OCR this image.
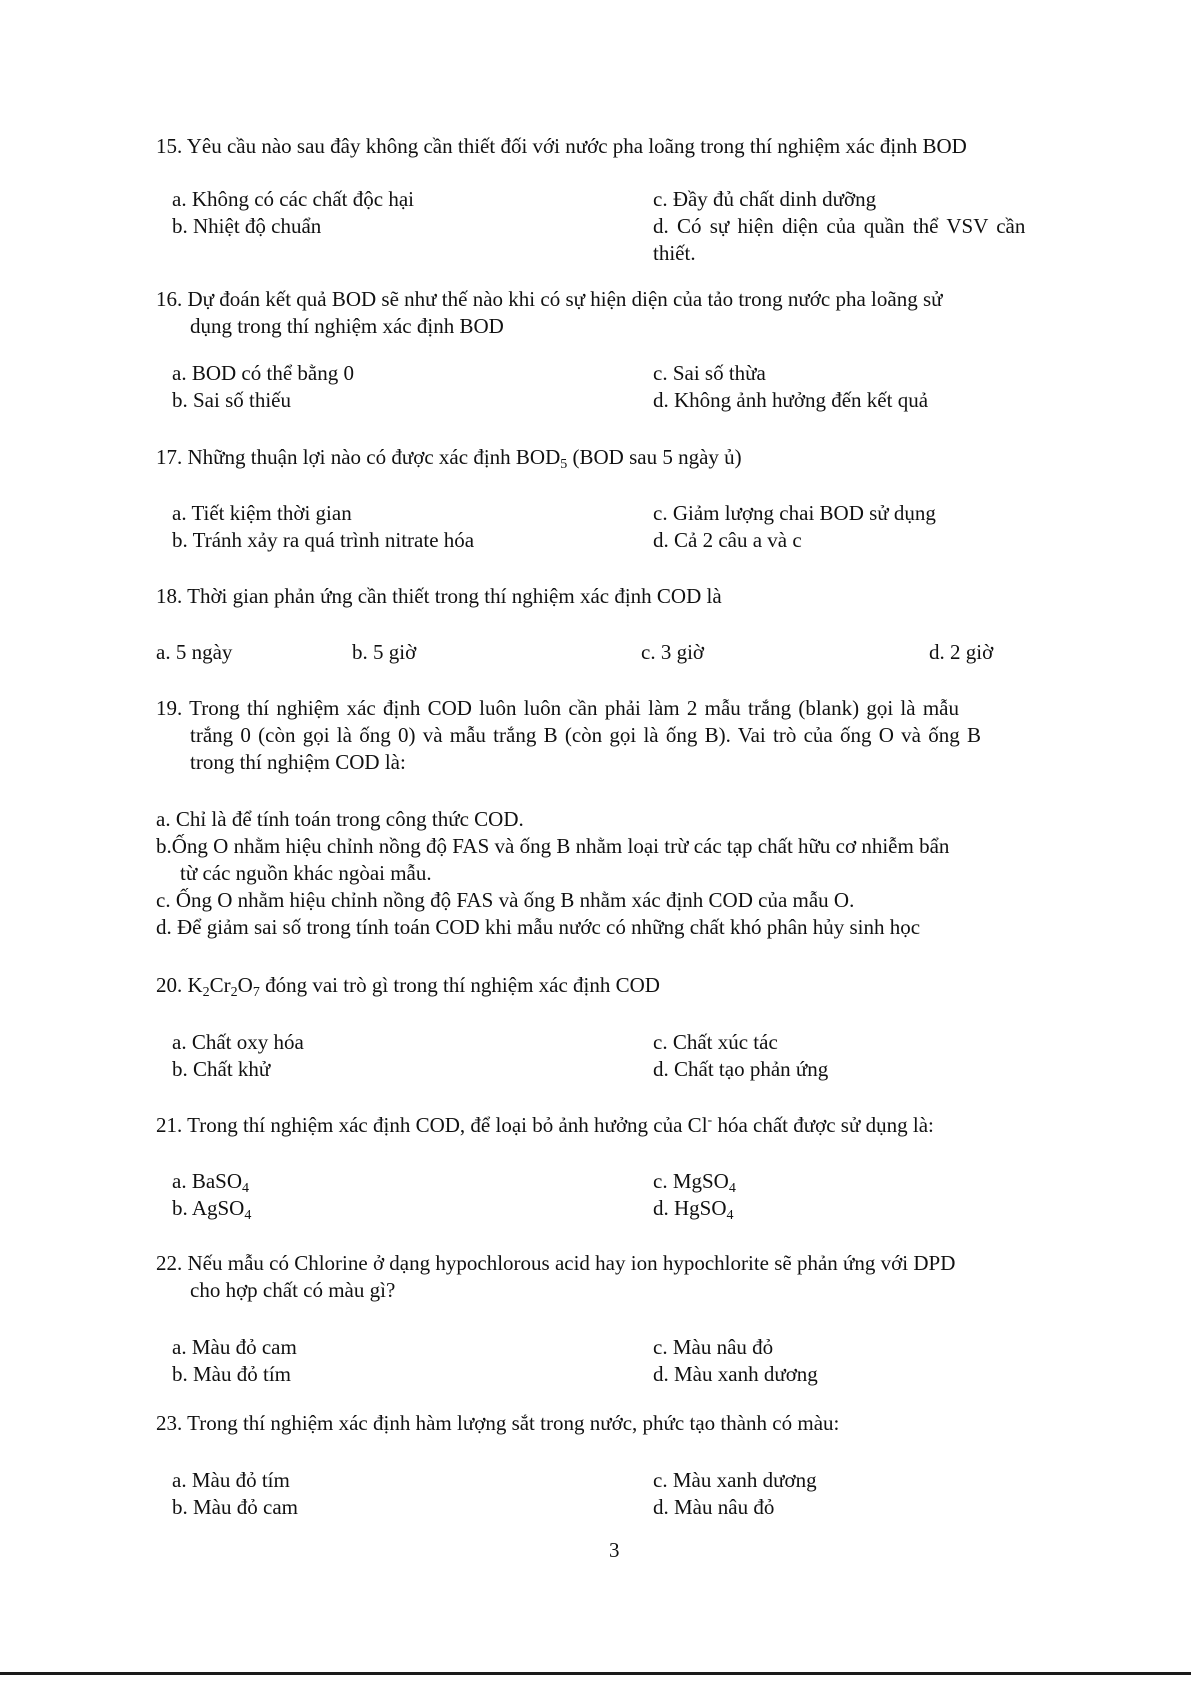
15. Yêu cầu nào sau đây không cần thiết đối với nước pha loãng trong thí nghiệm xác định BOD
a. Không có các chất độc hại	c. Đầy đủ chất dinh dưỡng
b. Nhiệt độ chuẩn	d. Có sự hiện diện của quần thể VSV cần
thiết.
16. Dự đoán kết quả BOD sẽ như thế nào khi có sự hiện diện của tảo trong nước pha loãng sử
dụng trong thí nghiệm xác định BOD
a. BOD có thể bằng 0	c. Sai số thừa
b. Sai số thiếu	d. Không ảnh hưởng đến kết quả
17. Những thuận lợi nào có được xác định $BOD_5$ (BOD sau 5 ngày ủ)
a. Tiết kiệm thời gian	c. Giảm lượng chai BOD sử dụng
b. Tránh xảy ra quá trình nitrate hóa	d. Cả 2 câu a và c
18. Thời gian phản ứng cần thiết trong thí nghiệm xác định COD là
a. 5 ngày	b. 5 giờ	c. 3 giờ	d. 2 giờ
19. Trong thí nghiệm xác định COD luôn luôn cần phải làm 2 mẫu trắng (blank) gọi là mẫu
trắng 0 (còn gọi là ống 0) và mẫu trắng B (còn gọi là ống B). Vai trò của ống O và ống B
trong thí nghiệm COD là:
a. Chỉ là để tính toán trong công thức COD.
b.Ống O nhằm hiệu chỉnh nồng độ FAS và ống B nhằm loại trừ các tạp chất hữu cơ nhiễm bẩn
từ các nguồn khác ngòai mẫu.
c. Ống O nhằm hiệu chỉnh nồng độ FAS và ống B nhằm xác định COD của mẫu O.
d. Để giảm sai số trong tính toán COD khi mẫu nước có những chất khó phân hủy sinh học
20. $K_2Cr_2O_7$ đóng vai trò gì trong thí nghiệm xác định COD
a. Chất oxy hóa	c. Chất xúc tác
b. Chất khử	d. Chất tạo phản ứng
21. Trong thí nghiệm xác định COD, để loại bỏ ảnh hưởng của Cl- hóa chất được sử dụng là:
a. BaSO$_4$	c. MgSO$_4$
b. AgSO$_4$	d. HgSO$_4$
22. Nếu mẫu có Chlorine ở dạng hypochlorous acid hay ion hypochlorite sẽ phản ứng với DPD
cho hợp chất có màu gì?
a. Màu đỏ cam	c. Màu nâu đỏ
b. Màu đỏ tím	d. Màu xanh dương
23. Trong thí nghiệm xác định hàm lượng sắt trong nước, phức tạo thành có màu:
a. Màu đỏ tím	c. Màu xanh dương
b. Màu đỏ cam	d. Màu nâu đỏ
3
